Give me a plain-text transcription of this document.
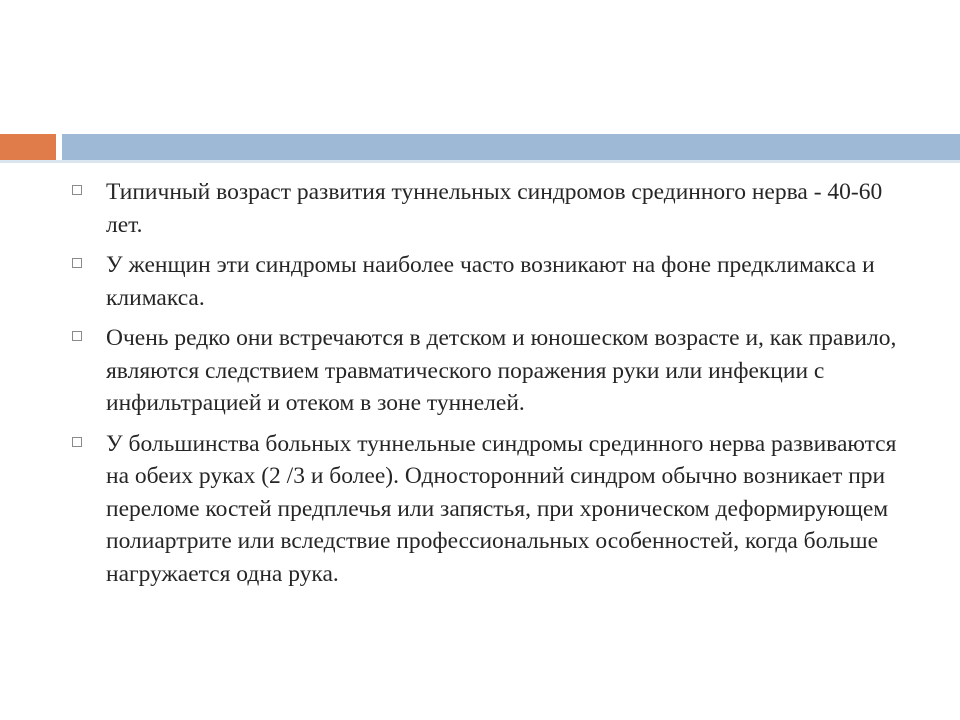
Типичный возраст развития туннельных синдромов срединного нерва - 40-60 лет.
У женщин эти синдромы наиболее часто возникают на фоне предклимакса и климакса.
Очень редко они встречаются в детском и юношеском возрасте и, как правило, являются следствием травматического поражения руки или инфекции с инфильтрацией и отеком в зоне туннелей.
У большинства больных туннельные синдромы срединного нерва развиваются на обеих руках (2 /3 и более). Односторонний синдром обычно возникает при переломе костей предплечья или запястья, при хроническом деформирующем полиартрите или вследствие профессиональных особенностей, когда больше нагружается одна рука.
